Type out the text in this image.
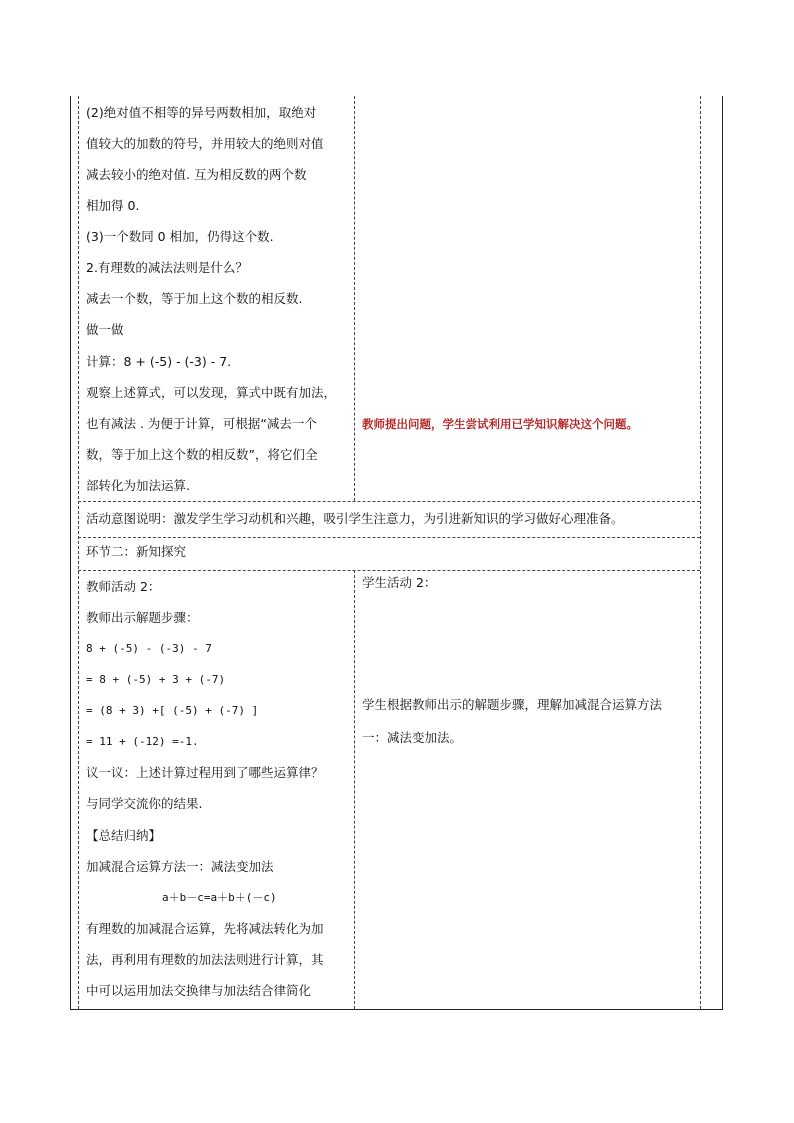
(2)绝对值不相等的异号两数相加，取绝对
值较大的加数的符号，并用较大的绝则对值
减去较小的绝对值. 互为相反数的两个数
相加得 0.
(3)一个数同 0 相加，仍得这个数.
2.有理数的减法法则是什么？
减去一个数，等于加上这个数的相反数.
做一做
计算：8 + (-5) - (-3) - 7.
观察上述算式，可以发现，算式中既有加法，
也有减法 . 为便于计算，可根据“减去一个
数，等于加上这个数的相反数”，将它们全
部转化为加法运算.
教师提出问题，学生尝试利用已学知识解决这个问题。
活动意图说明：激发学生学习动机和兴趣，吸引学生注意力，为引进新知识的学习做好心理准备。
环节二：新知探究
教师活动 2：
教师出示解题步骤：
8 + (-5) - (-3) - 7
= 8 + (-5) + 3 + (-7)
= (8 + 3) +[ (-5) + (-7) ]
= 11 + (-12) =-1.
议一议：上述计算过程用到了哪些运算律？
与同学交流你的结果.
【总结归纳】
加减混合运算方法一：减法变加法
a＋b－c=a＋b＋(－c)
有理数的加减混合运算，先将减法转化为加
法，再利用有理数的加法法则进行计算，其
中可以运用加法交换律与加法结合律简化
学生活动 2：
学生根据教师出示的解题步骤，理解加减混合运算方法
一：减法变加法。
